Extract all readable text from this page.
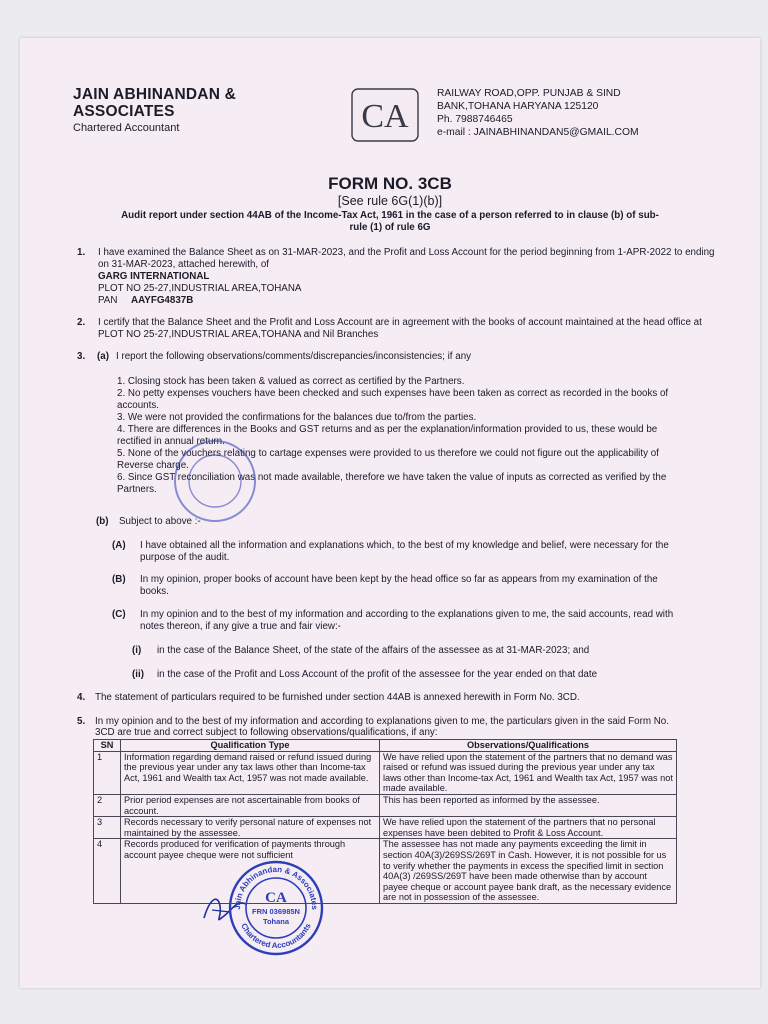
JAIN ABHINANDAN & ASSOCIATES
Chartered Accountant	CA
RAILWAY ROAD,OPP. PUNJAB & SIND
BANK,TOHANA HARYANA 125120
Ph. 7988746465
e-mail : JAINABHINANDAN5@GMAIL.COM
FORM NO. 3CB
[See rule 6G(1)(b)]
Audit report under section 44AB of the Income-Tax Act, 1961 in the case of a person referred to in clause (b) of sub-rule (1) of rule 6G
1. I have examined the Balance Sheet as on 31-MAR-2023, and the Profit and Loss Account for the period beginning from 1-APR-2022 to ending on 31-MAR-2023, attached herewith, of
GARG INTERNATIONAL
PLOT NO 25-27,INDUSTRIAL AREA,TOHANA
PAN AAYFG4837B
2. I certify that the Balance Sheet and the Profit and Loss Account are in agreement with the books of account maintained at the head office at PLOT NO 25-27,INDUSTRIAL AREA,TOHANA and Nil Branches
3. (a) I report the following observations/comments/discrepancies/inconsistencies; if any
1. Closing stock has been taken & valued as correct as certified by the Partners.
2. No petty expenses vouchers have been checked and such expenses have been taken as correct as recorded in the books of accounts.
3. We were not provided the confirmations for the balances due to/from the parties.
4. There are differences in the Books and GST returns and as per the explanation/information provided to us, these would be rectified in annual return.
5. None of the vouchers relating to cartage expenses were provided to us therefore we could not figure out the applicability of Reverse charge.
6. Since GST reconciliation was not made available, therefore we have taken the value of inputs as corrected as verified by the Partners.
(b) Subject to above :-
(A) I have obtained all the information and explanations which, to the best of my knowledge and belief, were necessary for the purpose of the audit.
(B) In my opinion, proper books of account have been kept by the head office so far as appears from my examination of the books.
(C) In my opinion and to the best of my information and according to the explanations given to me, the said accounts, read with notes thereon, if any give a true and fair view:-
(i) in the case of the Balance Sheet, of the state of the affairs of the assessee as at 31-MAR-2023; and
(ii) in the case of the Profit and Loss Account of the profit of the assessee for the year ended on that date
4. The statement of particulars required to be furnished under section 44AB is annexed herewith in Form No. 3CD.
5. In my opinion and to the best of my information and according to explanations given to me, the particulars given in the said Form No. 3CD are true and correct subject to following observations/qualifications, if any:
SN	Qualification Type	Observations/Qualifications
1	Information regarding demand raised or refund issued during the previous year under any tax laws other than Income-tax Act, 1961 and Wealth tax Act, 1957 was not made available.	We have relied upon the statement of the partners that no demand was raised or refund was issued during the previous year under any tax laws other than Income-tax Act, 1961 and Wealth tax Act, 1957 was not made available.
2	Prior period expenses are not ascertainable from books of account.	This has been reported as informed by the assessee.
3	Records necessary to verify personal nature of expenses not maintained by the assessee.	We have relied upon the statement of the partners that no personal expenses have been debited to Profit & Loss Account.
4	Records produced for verification of payments through account payee cheque were not sufficient	The assessee has not made any payments exceeding the limit in section 40A(3)/269SS/269T in Cash. However, it is not possible for us to verify whether the payments in excess the specified limit in section 40A(3) /269SS/269T have been made otherwise than by account payee cheque or account payee bank draft, as the necessary evidence are not in possession of the assessee.
Jain Abhinandan & Associates
Chartered Accountants
CA
FRN 036985N
Tohana
